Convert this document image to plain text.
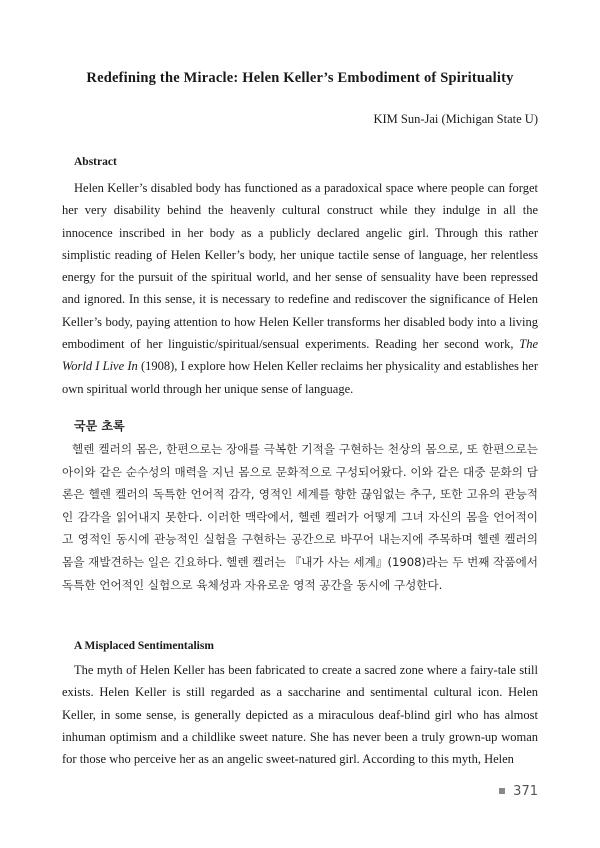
Redefining the Miracle: Helen Keller’s Embodiment of Spirituality
KIM Sun-Jai (Michigan State U)
Abstract

Helen Keller’s disabled body has functioned as a paradoxical space where people can forget her very disability behind the heavenly cultural construct while they indulge in all the innocence inscribed in her body as a publicly declared angelic girl. Through this rather simplistic reading of Helen Keller’s body, her unique tactile sense of language, her relentless energy for the pursuit of the spiritual world, and her sense of sensuality have been repressed and ignored. In this sense, it is necessary to redefine and rediscover the significance of Helen Keller’s body, paying attention to how Helen Keller transforms her disabled body into a living embodiment of her linguistic/spiritual/sensual experiments. Reading her second work, The World I Live In (1908), I explore how Helen Keller reclaims her physicality and establishes her own spiritual world through her unique sense of language.

국문 초록

헬렌 켈러의 몸은, 한편으로는 장애를 극복한 기적을 구현하는 천상의 몸으로, 또 한편으로는 아이와 같은 순수성의 매력을 지닌 몸으로 문화적으로 구성되어왔다. 이와 같은 대중 문화의 담론은 헬렌 켈러의 독특한 언어적 감각, 영적인 세계를 향한 끊임없는 추구, 또한 고유의 관능적인 감각을 읽어내지 못한다. 이러한 맥락에서, 헬렌 켈러가 어떻게 그녀 자신의 몸을 언어적이고 영적인 동시에 관능적인 실험을 구현하는 공간으로 바꾸어 내는지에 주목하며 헬렌 켈러의 몸을 재발견하는 일은 긴요하다. 헬렌 켈러는 『내가 사는 세계』(1908)라는 두 번째 작품에서 독특한 언어적인 실험으로 육체성과 자유로운 영적 공간을 동시에 구성한다.

A Misplaced Sentimentalism

The myth of Helen Keller has been fabricated to create a sacred zone where a fairy-tale still exists. Helen Keller is still regarded as a saccharine and sentimental cultural icon. Helen Keller, in some sense, is generally depicted as a miraculous deaf-blind girl who has almost inhuman optimism and a childlike sweet nature. She has never been a truly grown-up woman for those who perceive her as an angelic sweet-natured girl. According to this myth, Helen

371
